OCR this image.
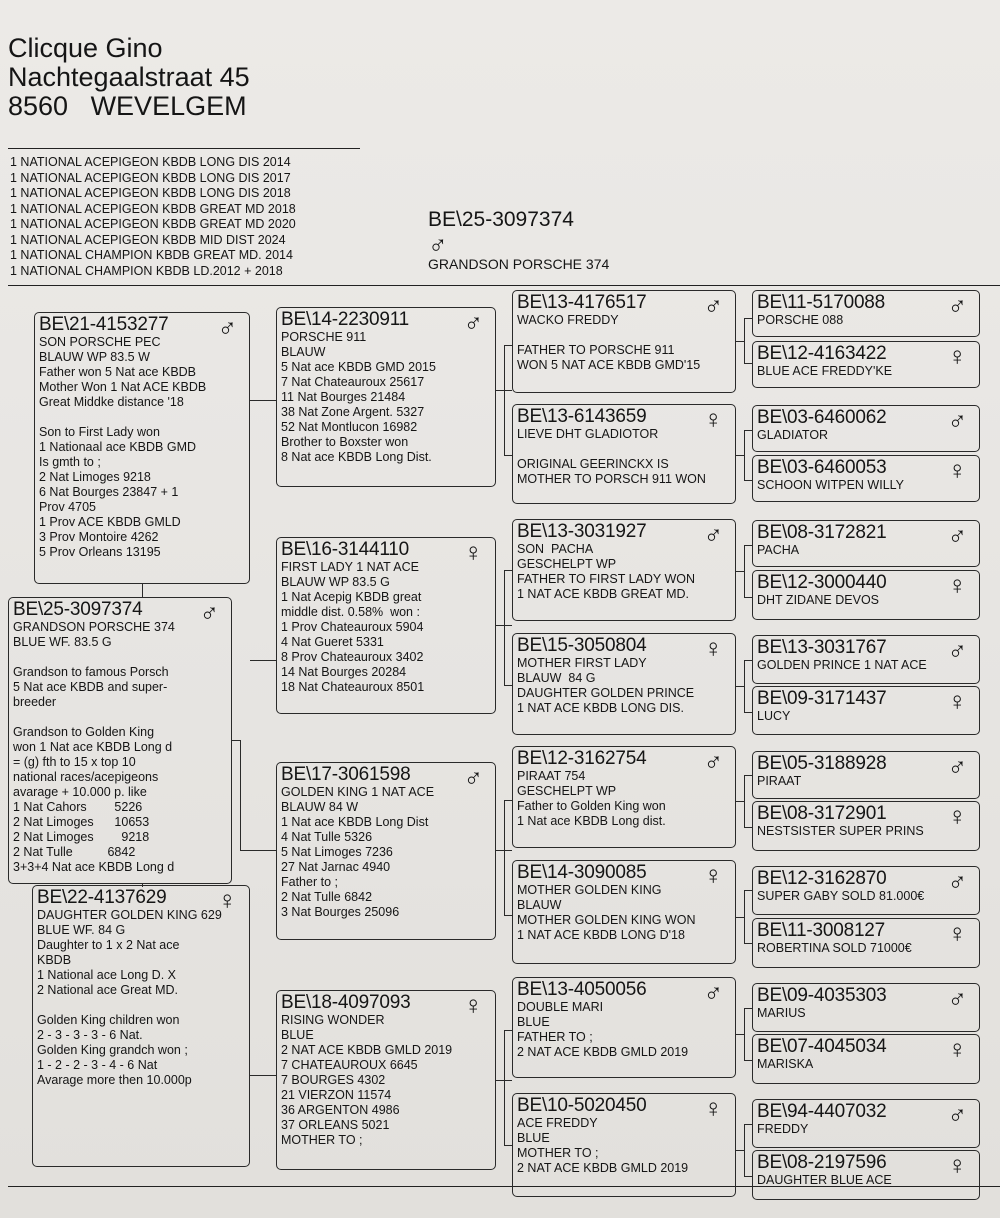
Clicque Gino
Nachtegaalstraat 45
8560   WEVELGEM
1 NATIONAL ACEPIGEON KBDB LONG DIS 2014
1 NATIONAL ACEPIGEON KBDB LONG DIS 2017
1 NATIONAL ACEPIGEON KBDB LONG DIS 2018
1 NATIONAL ACEPIGEON KBDB GREAT MD 2018
1 NATIONAL ACEPIGEON KBDB GREAT MD 2020
1 NATIONAL ACEPIGEON KBDB MID DIST 2024
1 NATIONAL CHAMPION KBDB GREAT MD. 2014
1 NATIONAL CHAMPION KBDB LD.2012 + 2018
BE\25-3097374
♂
GRANDSON PORSCHE 374
BE\21-4153277	♂
SON PORSCHE PEC
BLAUW WP 83.5 W
Father won 5 Nat ace KBDB
Mother Won 1 Nat ACE KBDB
Great Middke distance '18
Son to First Lady won
1 Nationaal ace KBDB GMD
Is gmth to ;
2 Nat Limoges 9218
6 Nat Bourges 23847 + 1
Prov 4705
1 Prov ACE KBDB GMLD
3 Prov Montoire 4262
5 Prov Orleans 13195
BE\25-3097374	♂
GRANDSON PORSCHE 374
BLUE WF. 83.5 G
Grandson to famous Porsch
5 Nat ace KBDB and super-
breeder
Grandson to Golden King
won 1 Nat ace KBDB Long d
= (g) fth to 15 x top 10
national races/acepigeons
avarage + 10.000 p. like
1 Nat Cahors        5226
2 Nat Limoges      10653
2 Nat Limoges        9218
2 Nat Tulle          6842
3+3+4 Nat ace KBDB Long d
BE\22-4137629	♀
DAUGHTER GOLDEN KING 629
BLUE WF. 84 G
Daughter to 1 x 2 Nat ace
KBDB
1 National ace Long D. X
2 National ace Great MD.
Golden King children won
2 - 3 - 3 - 3 - 6 Nat.
Golden King grandch won ;
1 - 2 - 2 - 3 - 4 - 6 Nat
Avarage more then 10.000p
BE\14-2230911	♂
PORSCHE 911
BLAUW
5 Nat ace KBDB GMD 2015
7 Nat Chateauroux 25617
11 Nat Bourges 21484
38 Nat Zone Argent. 5327
52 Nat Montlucon 16982
Brother to Boxster won
8 Nat ace KBDB Long Dist.
BE\16-3144110	♀
FIRST LADY 1 NAT ACE
BLAUW WP 83.5 G
1 Nat Acepig KBDB great
middle dist. 0.58%  won :
1 Prov Chateauroux 5904
4 Nat Gueret 5331
8 Prov Chateauroux 3402
14 Nat Bourges 20284
18 Nat Chateauroux 8501
BE\17-3061598	♂
GOLDEN KING 1 NAT ACE
BLAUW 84 W
1 Nat ace KBDB Long Dist
4 Nat Tulle 5326
5 Nat Limoges 7236
27 Nat Jarnac 4940
Father to ;
2 Nat Tulle 6842
3 Nat Bourges 25096
BE\18-4097093	♀
RISING WONDER
BLUE
2 NAT ACE KBDB GMLD 2019
7 CHATEAUROUX 6645
7 BOURGES 4302
21 VIERZON 11574
36 ARGENTON 4986
37 ORLEANS 5021
MOTHER TO ;
BE\13-4176517	♂
WACKO FREDDY
FATHER TO PORSCHE 911
WON 5 NAT ACE KBDB GMD'15
BE\13-6143659	♀
LIEVE DHT GLADIOTOR
ORIGINAL GEERINCKX IS
MOTHER TO PORSCH 911 WON
BE\13-3031927	♂
SON  PACHA
GESCHELPT WP
FATHER TO FIRST LADY WON
1 NAT ACE KBDB GREAT MD.
BE\15-3050804	♀
MOTHER FIRST LADY
BLAUW  84 G
DAUGHTER GOLDEN PRINCE
1 NAT ACE KBDB LONG DIS.
BE\12-3162754	♂
PIRAAT 754
GESCHELPT WP
Father to Golden King won
1 Nat ace KBDB Long dist.
BE\14-3090085	♀
MOTHER GOLDEN KING
BLAUW
MOTHER GOLDEN KING WON
1 NAT ACE KBDB LONG D'18
BE\13-4050056	♂
DOUBLE MARI
BLUE
FATHER TO ;
2 NAT ACE KBDB GMLD 2019
BE\10-5020450	♀
ACE FREDDY
BLUE
MOTHER TO ;
2 NAT ACE KBDB GMLD 2019
BE\11-5170088	♂
PORSCHE 088
BE\12-4163422	♀
BLUE ACE FREDDY'KE
BE\03-6460062	♂
GLADIATOR
BE\03-6460053	♀
SCHOON WITPEN WILLY
BE\08-3172821	♂
PACHA
BE\12-3000440	♀
DHT ZIDANE DEVOS
BE\13-3031767	♂
GOLDEN PRINCE 1 NAT ACE
BE\09-3171437	♀
LUCY
BE\05-3188928	♂
PIRAAT
BE\08-3172901	♀
NESTSISTER SUPER PRINS
BE\12-3162870	♂
SUPER GABY SOLD 81.000€
BE\11-3008127	♀
ROBERTINA SOLD 71000€
BE\09-4035303	♂
MARIUS
BE\07-4045034	♀
MARISKA
BE\94-4407032	♂
FREDDY
BE\08-2197596	♀
DAUGHTER BLUE ACE
